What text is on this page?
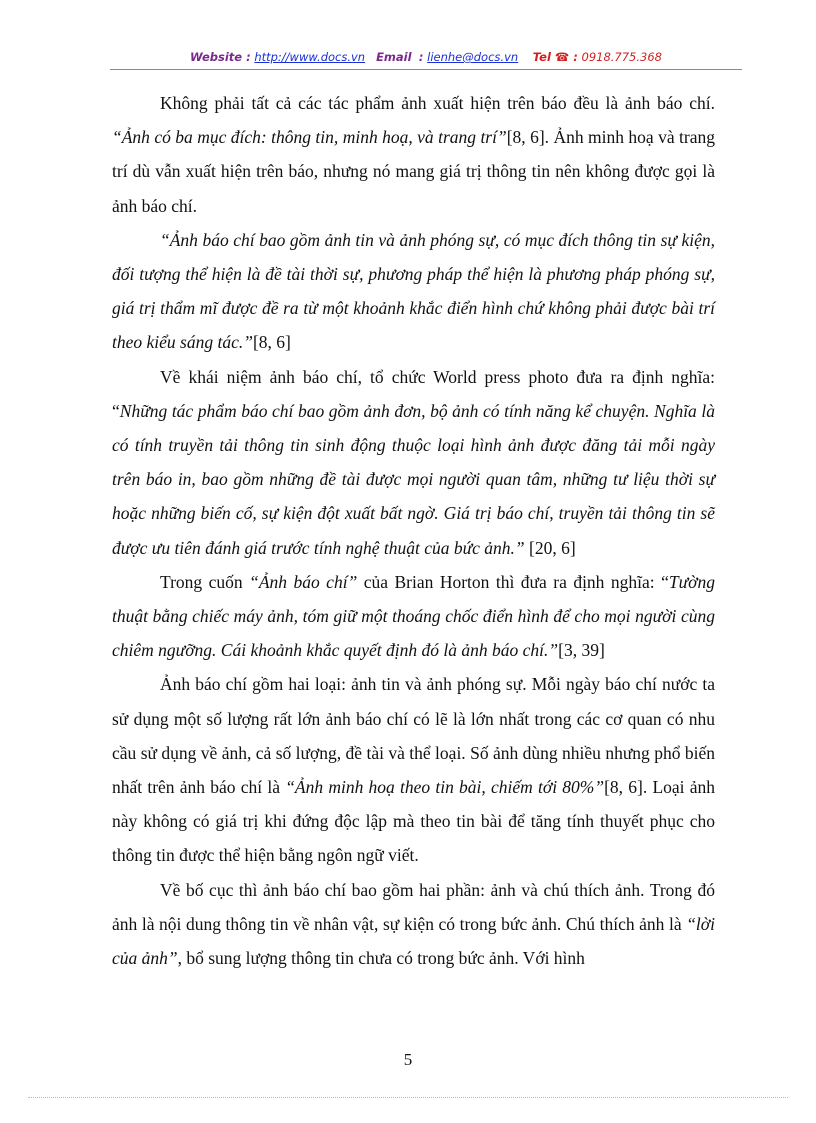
Website : http://www.docs.vn Email : lienhe@docs.vn Tel ☎ : 0918.775.368

Không phải tất cả các tác phẩm ảnh xuất hiện trên báo đều là ảnh báo chí. “Ảnh có ba mục đích: thông tin, minh hoạ, và trang trí”[8, 6]. Ảnh minh hoạ và trang trí dù vẫn xuất hiện trên báo, nhưng nó mang giá trị thông tin nên không được gọi là ảnh báo chí.

“Ảnh báo chí bao gồm ảnh tin và ảnh phóng sự, có mục đích thông tin sự kiện, đối tượng thể hiện là đề tài thời sự, phương pháp thể hiện là phương pháp phóng sự, giá trị thẩm mĩ được đề ra từ một khoảnh khắc điển hình chứ không phải được bài trí theo kiểu sáng tác.”[8, 6]

Về khái niệm ảnh báo chí, tổ chức World press photo đưa ra định nghĩa: “Những tác phẩm báo chí bao gồm ảnh đơn, bộ ảnh có tính năng kể chuyện. Nghĩa là có tính truyền tải thông tin sinh động thuộc loại hình ảnh được đăng tải mỗi ngày trên báo in, bao gồm những đề tài được mọi người quan tâm, những tư liệu thời sự hoặc những biến cố, sự kiện đột xuất bất ngờ. Giá trị báo chí, truyền tải thông tin sẽ được ưu tiên đánh giá trước tính nghệ thuật của bức ảnh.” [20, 6]

Trong cuốn “Ảnh báo chí” của Brian Horton thì đưa ra định nghĩa: “Tường thuật bằng chiếc máy ảnh, tóm giữ một thoáng chốc điển hình để cho mọi người cùng chiêm ngưỡng. Cái khoảnh khắc quyết định đó là ảnh báo chí.”[3, 39]

Ảnh báo chí gồm hai loại: ảnh tin và ảnh phóng sự. Mỗi ngày báo chí nước ta sử dụng một số lượng rất lớn ảnh báo chí có lẽ là lớn nhất trong các cơ quan có nhu cầu sử dụng về ảnh, cả số lượng, đề tài và thể loại. Số ảnh dùng nhiều nhưng phổ biến nhất trên ảnh báo chí là “Ảnh minh hoạ theo tin bài, chiếm tới 80%”[8, 6]. Loại ảnh này không có giá trị khi đứng độc lập mà theo tin bài để tăng tính thuyết phục cho thông tin được thể hiện bằng ngôn ngữ viết.

Về bố cục thì ảnh báo chí bao gồm hai phần: ảnh và chú thích ảnh. Trong đó ảnh là nội dung thông tin về nhân vật, sự kiện có trong bức ảnh. Chú thích ảnh là “lời của ảnh”, bổ sung lượng thông tin chưa có trong bức ảnh. Với hình

5
